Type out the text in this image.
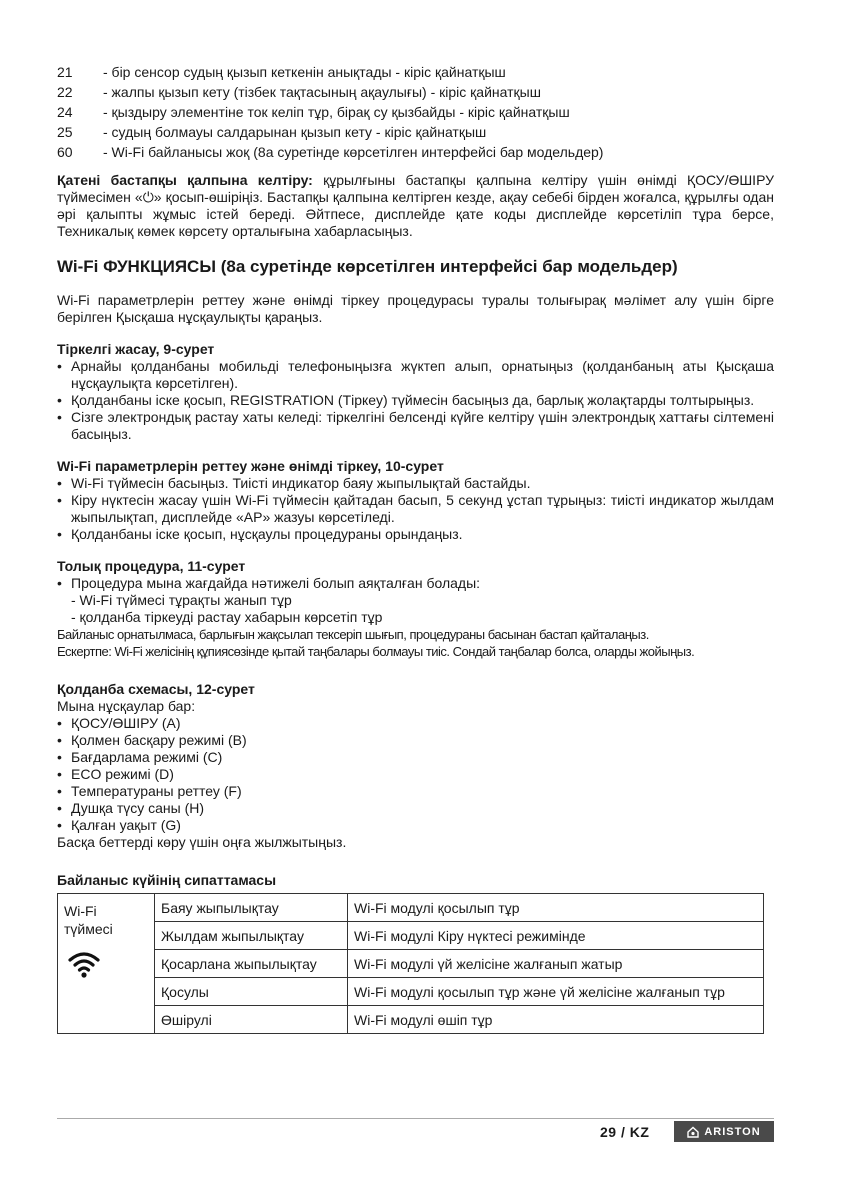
21	- бір сенсор судың қызып кеткенін анықтады - кіріс қайнатқыш
22	- жалпы қызып кету (тізбек тақтасының ақаулығы) - кіріс қайнатқыш
24	- қыздыру элементіне ток келіп тұр, бірақ су қызбайды - кіріс қайнатқыш
25	- судың болмауы салдарынан қызып кету - кіріс қайнатқыш
60	- Wi-Fi байланысы жоқ (8а суретінде көрсетілген интерфейсі бар модельдер)

Қатені бастапқы қалпына келтіру: құрылғыны бастапқы қалпына келтіру үшін өнімді ҚОСУ/ӨШІРУ түймесімен «⏻» қосып-өшіріңіз. Бастапқы қалпына келтірген кезде, ақау себебі бірден жоғалса, құрылғы одан әрі қалыпты жұмыс істей береді. Әйтпесе, дисплейде қате коды дисплейде көрсетіліп тұра берсе, Техникалық көмек көрсету орталығына хабарласыңыз.

Wi-Fi ФУНКЦИЯСЫ (8а суретінде көрсетілген интерфейсі бар модельдер)

Wi-Fi параметрлерін реттеу және өнімді тіркеу процедурасы туралы толығырақ мәлімет алу үшін бірге берілген Қысқаша нұсқаулықты қараңыз.

Тіркелгі жасау, 9-сурет
• Арнайы қолданбаны мобильді телефоныңызға жүктеп алып, орнатыңыз (қолданбаның аты Қысқаша нұсқаулықта көрсетілген).
• Қолданбаны іске қосып, REGISTRATION (Тіркеу) түймесін басыңыз да, барлық жолақтарды толтырыңыз.
• Сізге электрондық растау хаты келеді: тіркелгіні белсенді күйге келтіру үшін электрондық хаттағы сілтемені басыңыз.
Wi-Fi параметрлерін реттеу және өнімді тіркеу, 10-сурет
• Wi-Fi түймесін басыңыз. Тиісті индикатор баяу жыпылықтай бастайды.
• Кіру нүктесін жасау үшін Wi-Fi түймесін қайтадан басып, 5 секунд ұстап тұрыңыз: тиісті индикатор жылдам жыпылықтап, дисплейде «AP» жазуы көрсетіледі.
• Қолданбаны іске қосып, нұсқаулы процедураны орындаңыз.
Толық процедура, 11-сурет
• Процедура мына жағдайда нәтижелі болып аяқталған болады:
- Wi-Fi түймесі тұрақты жанып тұр
- қолданба тіркеуді растау хабарын көрсетіп тұр
Байланыс орнатылмаса, барлығын жақсылап тексеріп шығып, процедураны басынан бастап қайталаңыз.
Ескертпе: Wi-Fi желісінің құпиясөзінде қытай таңбалары болмауы тиіс. Сондай таңбалар болса, оларды жойыңыз.
Қолданба схемасы, 12-сурет

Мына нұсқаулар бар:

• ҚОСУ/ӨШІРУ (A)
• Қолмен басқару режимі (B)
• Бағдарлама режимі (C)
• ECO режимі (D)
• Температураны реттеу (F)
• Душқа түсу саны (H)
• Қалған уақыт (G)

Басқа беттерді көру үшін оңға жылжытыңыз.

Байланыс күйінің сипаттамасы
Wi-Fi түймесі	Баяу жыпылықтау	Wi-Fi модулі қосылып тұр
	Жылдам жыпылықтау	Wi-Fi модулі Кіру нүктесі режимінде
	Қосарлана жыпылықтау	Wi-Fi модулі үй желісіне жалғанып жатыр
	Қосулы	Wi-Fi модулі қосылып тұр және үй желісіне жалғанып тұр
	Өшірулі	Wi-Fi модулі өшіп тұр
29 / KZ	ARISTON
